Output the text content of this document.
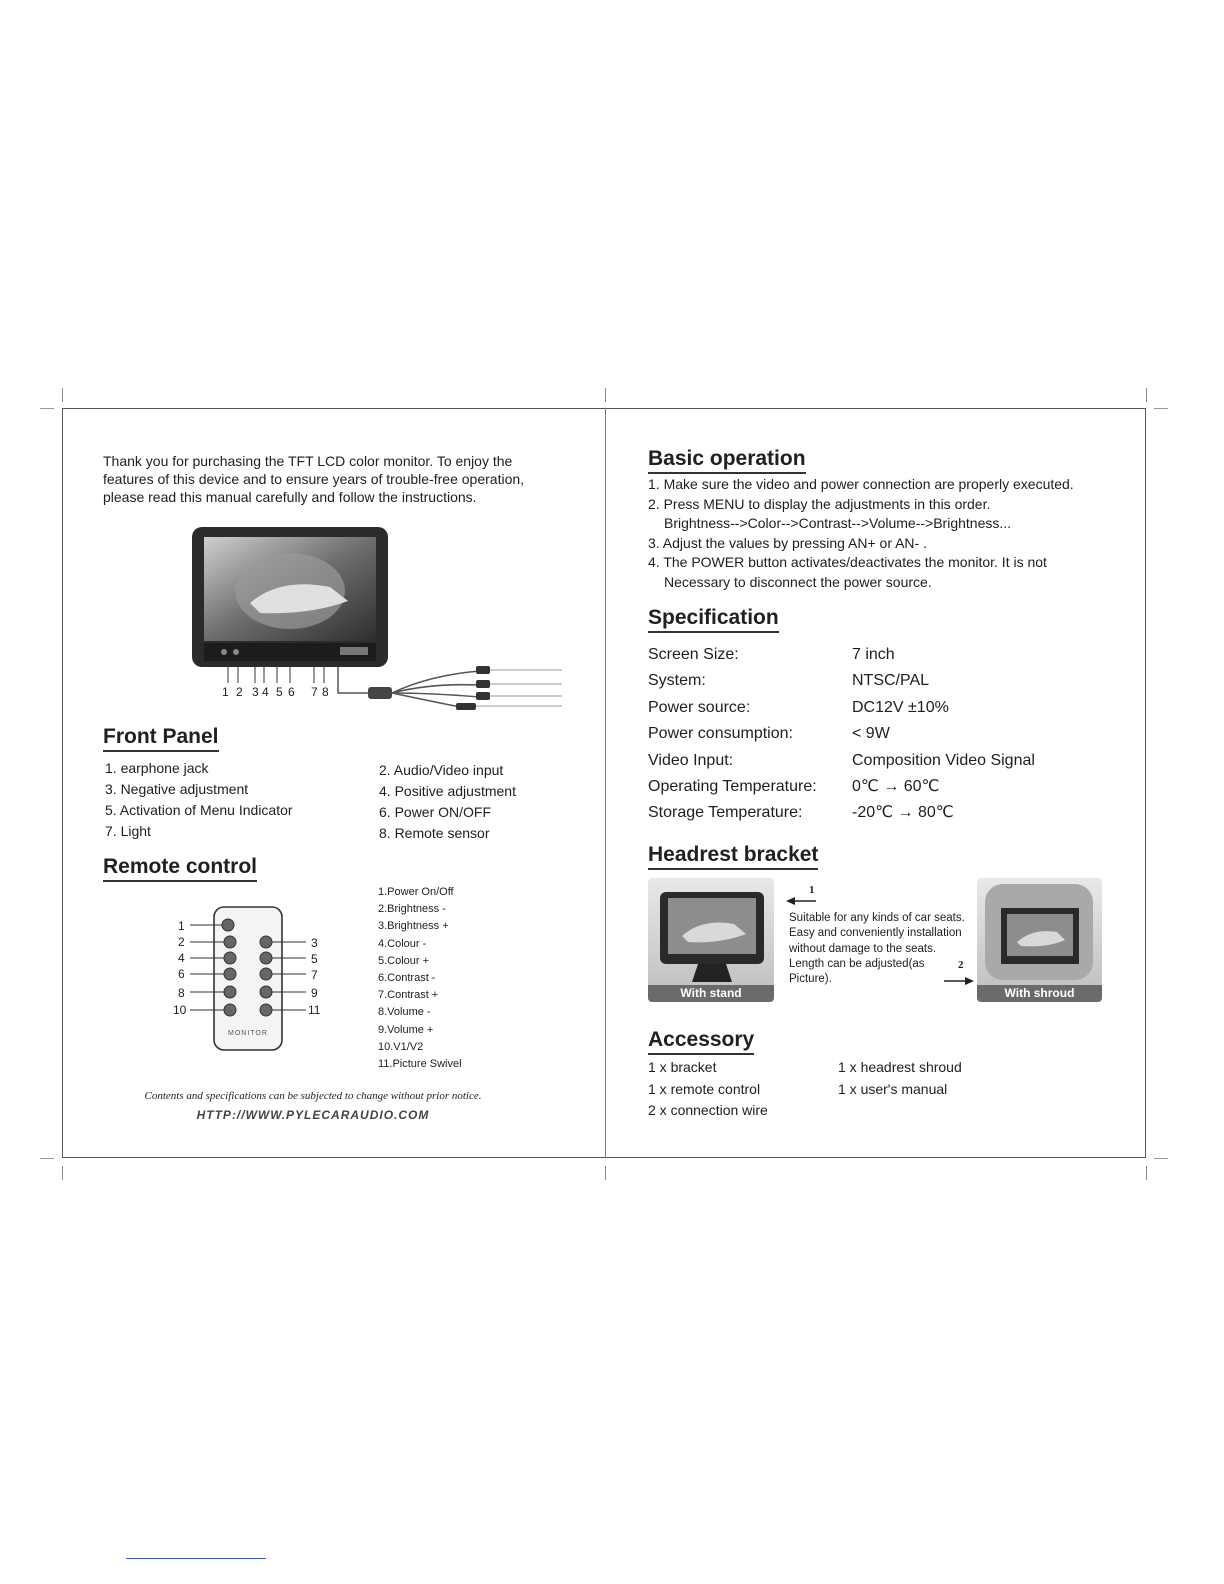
Thank you for purchasing the TFT LCD color monitor. To enjoy the features of this device and to ensure years of trouble-free operation, please read this manual carefully and follow the instructions.
1 2 3 4 5 6 7 8
Front Panel
1. earphone jack
3. Negative adjustment
5. Activation of Menu Indicator
7. Light
2. Audio/Video input
4. Positive adjustment
6. Power ON/OFF
8. Remote sensor
Remote control
MONITOR
1
2
4
6
8
10
3
5
7
9
11
1.Power On/Off
2.Brightness -
3.Brightness +
4.Colour -
5.Colour +
6.Contrast -
7.Contrast +
8.Volume -
9.Volume +
10.V1/V2
11.Picture Swivel
Contents and specifications can be subjected to change without prior notice.
HTTP://WWW.PYLECARAUDIO.COM
Basic operation
1. Make sure the video and power connection are properly executed.
2. Press MENU to display the adjustments in this order.
Brightness-->Color-->Contrast-->Volume-->Brightness...
3. Adjust the values by pressing AN+ or AN- .
4. The POWER button activates/deactivates the monitor. It is not
Necessary to disconnect the power source.
Specification
Screen Size:	7 inch
System:	NTSC/PAL
Power source:	DC12V ±10%
Power consumption:	< 9W
Video Input:	Composition Video Signal
Operating Temperature: 0℃ → 60℃
Storage Temperature:	-20℃ → 80℃
Headrest bracket
With stand	With shroud
1
Suitable for any kinds of car seats. Easy and conveniently installation without damage to the seats. Length can be adjusted(as Picture).
2
Accessory
1 x bracket
1 x remote control
2 x connection wire
1 x headrest shroud
1 x user's manual
